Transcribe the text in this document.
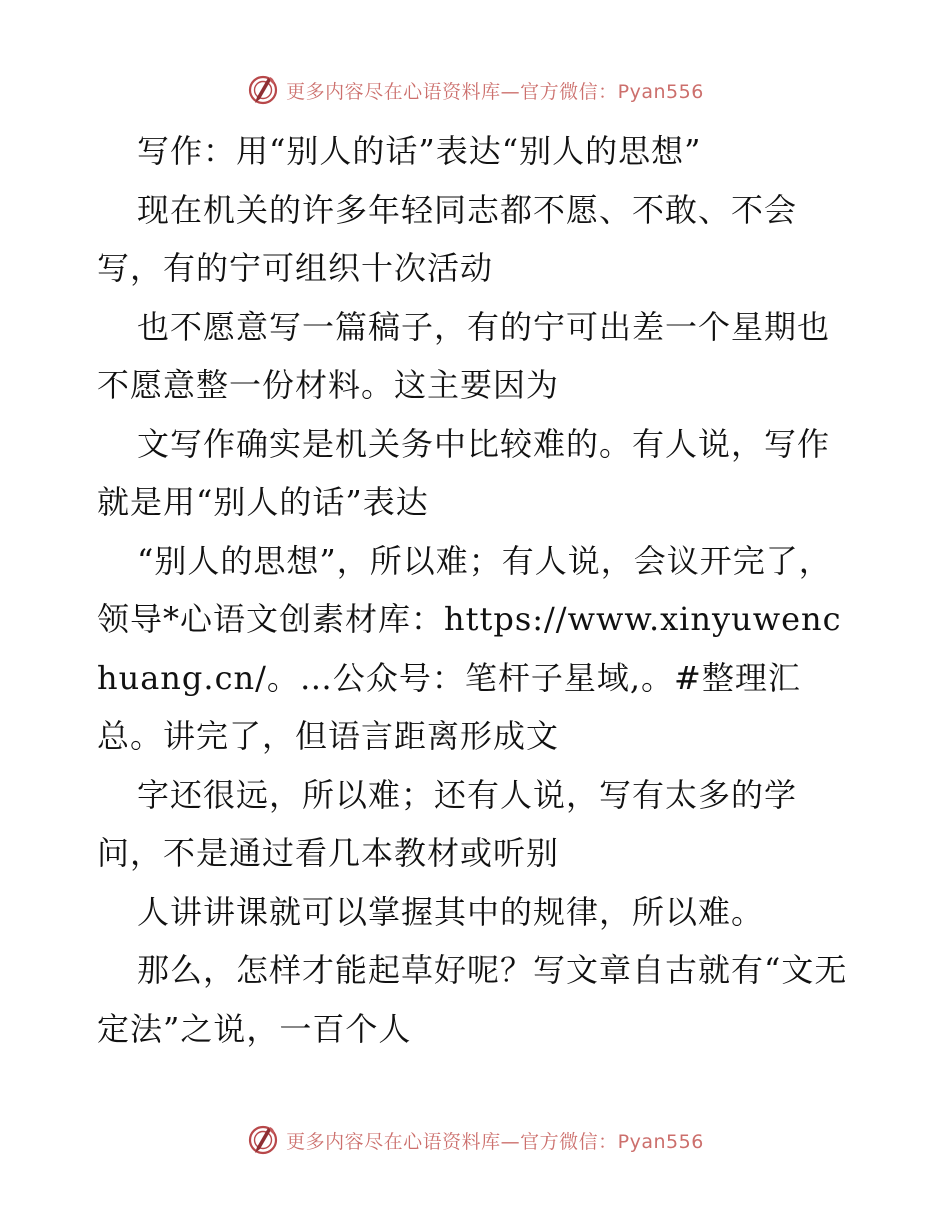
更多内容尽在心语资料库—官方微信：Pyan556

写作：用“别人的话”表达“别人的思想”

现在机关的许多年轻同志都不愿、不敢、不会写，有的宁可组织十次活动

也不愿意写一篇稿子，有的宁可出差一个星期也不愿意整一份材料。这主要因为

文写作确实是机关务中比较难的。有人说，写作就是用“别人的话”表达

“别人的思想”，所以难；有人说，会议开完了，领导*心语文创素材库：https://www.xinyuwenchuang.cn/。…公众号：笔杆子星域,。#整理汇总。讲完了，但语言距离形成文

字还很远，所以难；还有人说，写有太多的学问，不是通过看几本教材或听别

人讲讲课就可以掌握其中的规律，所以难。

那么，怎样才能起草好呢？写文章自古就有“文无定法”之说，一百个人

更多内容尽在心语资料库—官方微信：Pyan556
